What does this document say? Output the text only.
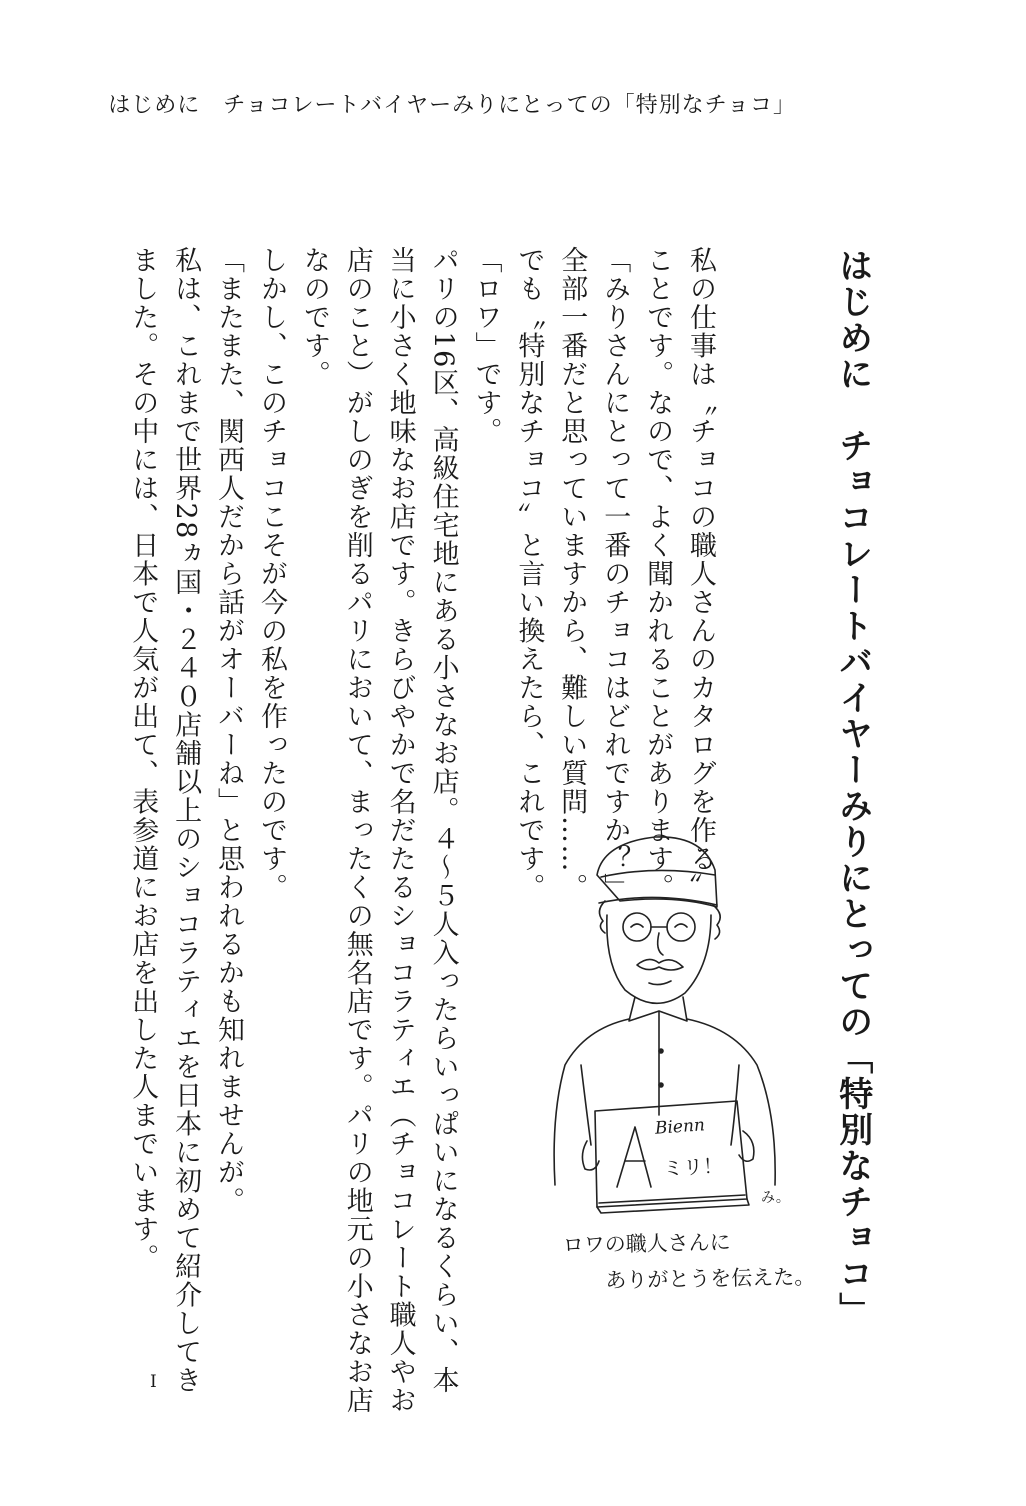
はじめに　チョコレートバイヤーみりにとっての「特別なチョコ」
はじめに　チョコレートバイヤーみりにとっての「特別なチョコ」
私の仕事は〝チョコの職人さんのカタログを作る〟
ことです。なので、よく聞かれることがあります。
「みりさんにとって一番のチョコはどれですか？」
全部一番だと思っていますから、難しい質問……。
でも〝特別なチョコ〟と言い換えたら、これです。
「ロワ」です。
パリの16区、高級住宅地にある小さなお店。４～５人入ったらいっぱいになるくらい、本
当に小さく地味なお店です。きらびやかで名だたるショコラティエ（チョコレート職人やお
店のこと）がしのぎを削るパリにおいて、まったくの無名店です。パリの地元の小さなお店
なのです。
しかし、このチョコこそが今の私を作ったのです。
「またまた、関西人だから話がオーバーね」と思われるかも知れませんが。
私は、これまで世界28ヵ国・２４０店舗以上のショコラティエを日本に初めて紹介してき
ました。その中には、日本で人気が出て、表参道にお店を出した人までいます。	Bienn
ミリ！
み。
ロワの職人さんに
ありがとうを伝えた。
I
